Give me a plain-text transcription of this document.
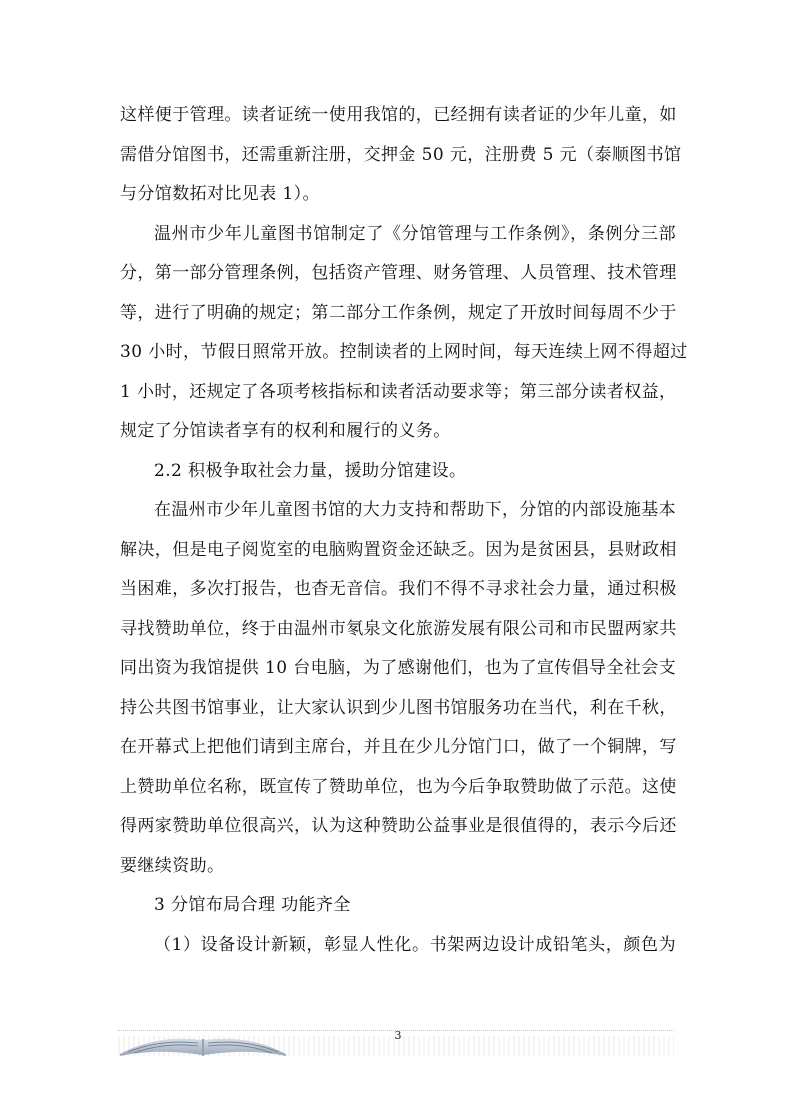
这样便于管理。读者证统一使用我馆的，已经拥有读者证的少年儿童，如
需借分馆图书，还需重新注册，交押金 50 元，注册费 5 元（泰顺图书馆
与分馆数拓对比见表 1）。
温州市少年儿童图书馆制定了《分馆管理与工作条例》，条例分三部
分，第一部分管理条例，包括资产管理、财务管理、人员管理、技术管理
等，进行了明确的规定；第二部分工作条例，规定了开放时间每周不少于
30 小时，节假日照常开放。控制读者的上网时间，每天连续上网不得超过
1 小时，还规定了各项考核指标和读者活动要求等；第三部分读者权益，
规定了分馆读者享有的权利和履行的义务。
2.2 积极争取社会力量，援助分馆建设。
在温州市少年儿童图书馆的大力支持和帮助下，分馆的内部设施基本
解决，但是电子阅览室的电脑购置资金还缺乏。因为是贫困县，县财政相
当困难，多次打报告，也杳无音信。我们不得不寻求社会力量，通过积极
寻找赞助单位，终于由温州市氡泉文化旅游发展有限公司和市民盟两家共
同出资为我馆提供 10 台电脑，为了感谢他们，也为了宣传倡导全社会支
持公共图书馆事业，让大家认识到少儿图书馆服务功在当代，利在千秋，
在开幕式上把他们请到主席台，并且在少儿分馆门口，做了一个铜牌，写
上赞助单位名称，既宣传了赞助单位，也为今后争取赞助做了示范。这使
得两家赞助单位很高兴，认为这种赞助公益事业是很值得的，表示今后还
要继续资助。
3 分馆布局合理 功能齐全
（1）设备设计新颖，彰显人性化。书架两边设计成铅笔头，颜色为
3
